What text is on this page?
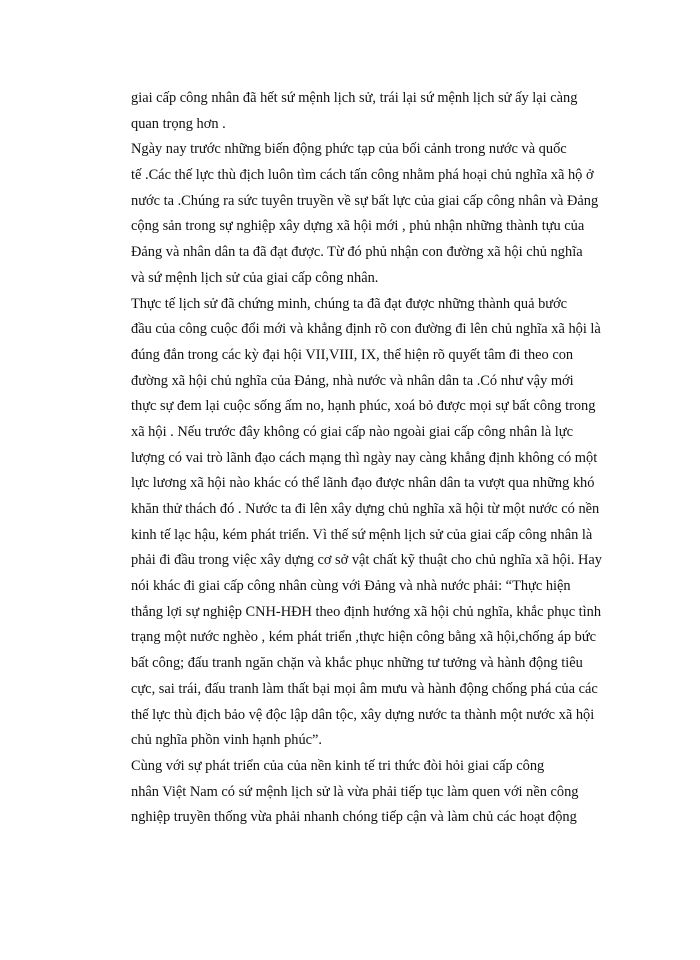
giai cấp công nhân đã hết sứ mệnh lịch sử, trái lại sứ mệnh lịch sử ấy lại càng
quan trọng hơn .
Ngày nay trước những biến động phức tạp của bối cảnh trong nước và quốc
tế .Các thế lực thù địch luôn tìm cách tấn công nhằm phá hoại chủ nghĩa xã hộ ở
nước ta .Chúng ra sức tuyên truyền về sự bất lực của giai cấp công nhân và Đảng
cộng sản trong sự nghiệp xây dựng xã hội mới , phủ nhận những thành tựu của
Đảng và nhân dân ta đã đạt được. Từ đó phủ nhận con đường xã hội chủ nghĩa
và sứ mệnh lịch sử của giai cấp công nhân.
Thực tế lịch sử đã chứng minh, chúng ta đã đạt được những thành quả bước
đầu của công cuộc đổi mới và khẳng định rõ con đường đi lên chủ nghĩa xã hội là
đúng đắn trong các kỳ đại hội VII,VIII, IX, thể hiện rõ quyết tâm đi theo con
đường xã hội chủ nghĩa của Đảng, nhà nước và nhân dân ta .Có như vậy mới
thực sự đem lại cuộc sống ấm no, hạnh phúc, xoá bỏ được mọi sự bất công trong
xã hội . Nếu trước đây không có giai cấp nào ngoài giai cấp công nhân là lực
lượng có vai trò lãnh đạo cách mạng thì ngày nay càng khẳng định không có một
lực lương xã hội nào khác có thể lãnh đạo được nhân dân ta vượt qua những khó
khăn thử thách đó . Nước ta đi lên xây dựng chủ nghĩa xã hội từ một nước có nền
kinh tế lạc hậu, kém phát triển. Vì thế sứ mệnh lịch sử của giai cấp công nhân là
phải đi đầu trong việc xây dựng cơ sở vật chất kỹ thuật cho chủ nghĩa xã hội. Hay
nói khác đi giai cấp công nhân cùng với Đảng và nhà nước phải: “Thực hiện
thắng lợi sự nghiệp CNH-HĐH theo định hướng xã hội chủ nghĩa, khắc phục tình
trạng một nước nghèo , kém phát triển ,thực hiện công bằng xã hội,chống áp bức
bất công; đấu tranh ngăn chặn và khắc phục những tư tưởng và hành động tiêu
cực, sai trái, đấu tranh làm thất bại mọi âm mưu và hành động chống phá của các
thế lực thù địch bảo vệ độc lập dân tộc, xây dựng nước ta thành một nước xã hội
chủ nghĩa phồn vinh hạnh phúc”.
Cùng với sự phát triển của của nền kinh tế tri thức đòi hỏi giai cấp công
nhân Việt Nam có sứ mệnh lịch sử là vừa phải tiếp tục làm quen với nền công
nghiệp truyền thống vừa phải nhanh chóng tiếp cận và làm chủ các hoạt động
